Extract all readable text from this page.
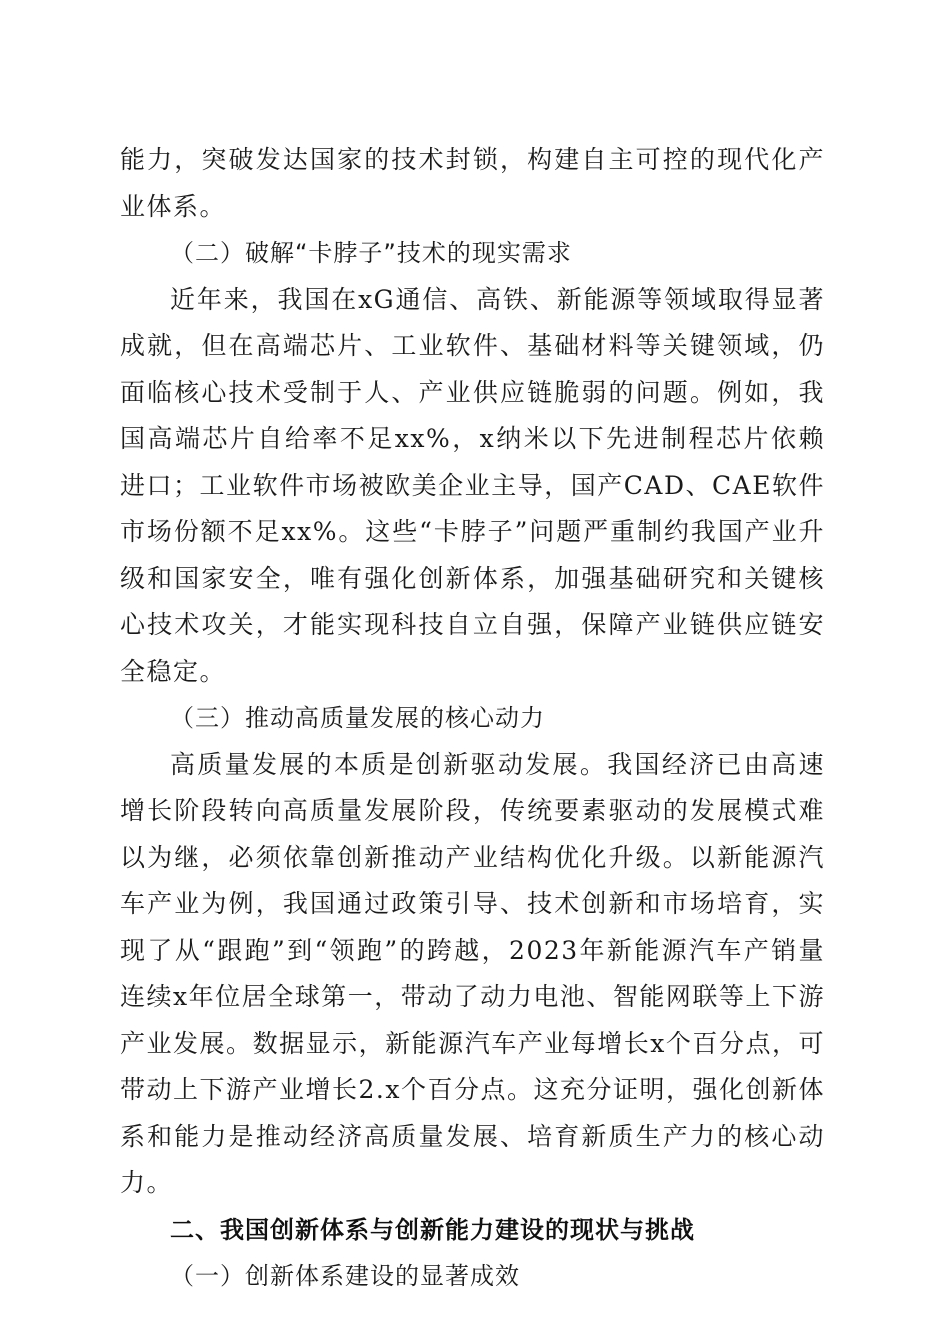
能力，突破发达国家的技术封锁，构建自主可控的现代化产业体系。

（二）破解“卡脖子”技术的现实需求

近年来，我国在xG通信、高铁、新能源等领域取得显著成就，但在高端芯片、工业软件、基础材料等关键领域，仍面临核心技术受制于人、产业供应链脆弱的问题。例如，我国高端芯片自给率不足xx%，x纳米以下先进制程芯片依赖进口；工业软件市场被欧美企业主导，国产CAD、CAE软件市场份额不足xx%。这些“卡脖子”问题严重制约我国产业升级和国家安全，唯有强化创新体系，加强基础研究和关键核心技术攻关，才能实现科技自立自强，保障产业链供应链安全稳定。

（三）推动高质量发展的核心动力

高质量发展的本质是创新驱动发展。我国经济已由高速增长阶段转向高质量发展阶段，传统要素驱动的发展模式难以为继，必须依靠创新推动产业结构优化升级。以新能源汽车产业为例，我国通过政策引导、技术创新和市场培育，实现了从“跟跑”到“领跑”的跨越，2023年新能源汽车产销量连续x年位居全球第一，带动了动力电池、智能网联等上下游产业发展。数据显示，新能源汽车产业每增长x个百分点，可带动上下游产业增长2.x个百分点。这充分证明，强化创新体系和能力是推动经济高质量发展、培育新质生产力的核心动力。

二、我国创新体系与创新能力建设的现状与挑战

（一）创新体系建设的显著成效
